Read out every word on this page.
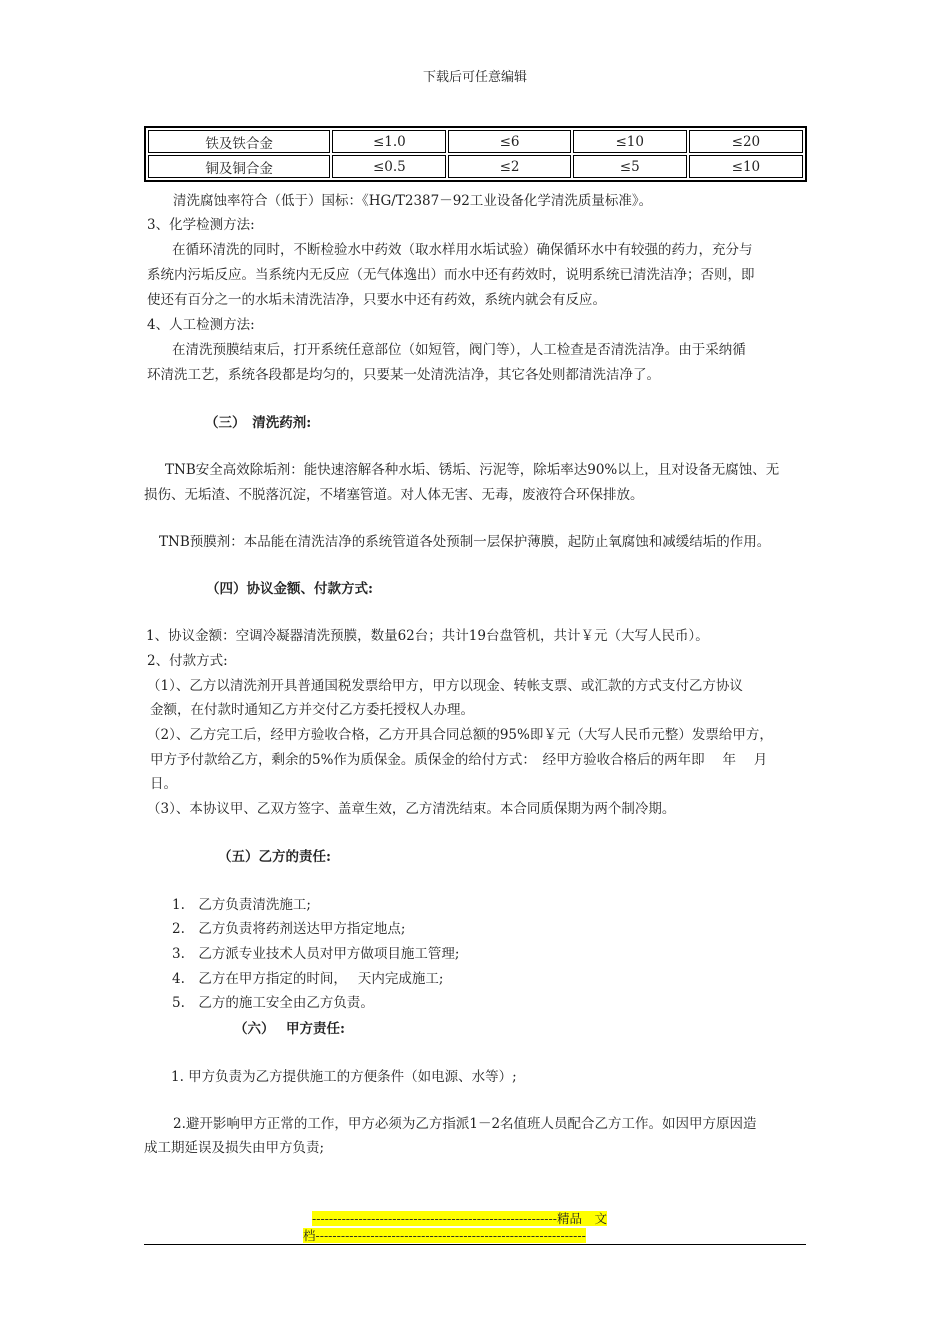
下载后可任意编辑
铁及铁合金	≤1.0	≤6	≤10	≤20
铜及铜合金	≤0.5	≤2	≤5	≤10
清洗腐蚀率符合（低于）国标：《HG/T2387－92工业设备化学清洗质量标准》。
3、化学检测方法:
在循环清洗的同时，不断检验水中药效（取水样用水垢试验）确保循环水中有较强的药力，充分与
系统内污垢反应。当系统内无反应（无气体逸出）而水中还有药效时，说明系统已清洗洁净；否则，即
使还有百分之一的水垢未清洗洁净，只要水中还有药效，系统内就会有反应。
4、人工检测方法:
在清洗预膜结束后，打开系统任意部位（如短管，阀门等），人工检查是否清洗洁净。由于采纳循
环清洗工艺，系统各段都是均匀的，只要某一处清洗洁净，其它各处则都清洗洁净了。
（三）　清洗药剂:
TNB安全高效除垢剂：能快速溶解各种水垢、锈垢、污泥等，除垢率达90%以上，且对设备无腐蚀、无
损伤、无垢渣、不脱落沉淀，不堵塞管道。对人体无害、无毒，废液符合环保排放。
TNB预膜剂：本品能在清洗洁净的系统管道各处预制一层保护薄膜，起防止氧腐蚀和减缓结垢的作用。
（四）协议金额、付款方式:
1、协议金额：空调冷凝器清洗预膜，数量62台；共计19台盘管机，共计￥元（大写人民币）。
2、付款方式:
（1）、乙方以清洗剂开具普通国税发票给甲方，甲方以现金、转帐支票、或汇款的方式支付乙方协议
金额，在付款时通知乙方并交付乙方委托授权人办理。
（2）、乙方完工后，经甲方验收合格，乙方开具合同总额的95%即￥元（大写人民币元整）发票给甲方，
甲方予付款给乙方，剩余的5%作为质保金。质保金的给付方式：　经甲方验收合格后的两年即　 年　 月
日。
（3）、本协议甲、乙双方签字、盖章生效，乙方清洗结束。本合同质保期为两个制冷期。
（五）乙方的责任:
1.　乙方负责清洗施工;
2.　乙方负责将药剂送达甲方指定地点;
3.　乙方派专业技术人员对甲方做项目施工管理;
4.　乙方在甲方指定的时间，　 天内完成施工;
5.　乙方的施工安全由乙方负责。
（六）　 甲方责任:
1. 甲方负责为乙方提供施工的方便条件（如电源、水等）;
2.避开影响甲方正常的工作，甲方必须为乙方指派1－2名值班人员配合乙方工作。如因甲方原因造
成工期延误及损失由甲方负责;
----------------------------------------------------------精品　文
档----------------------------------------------------------------
